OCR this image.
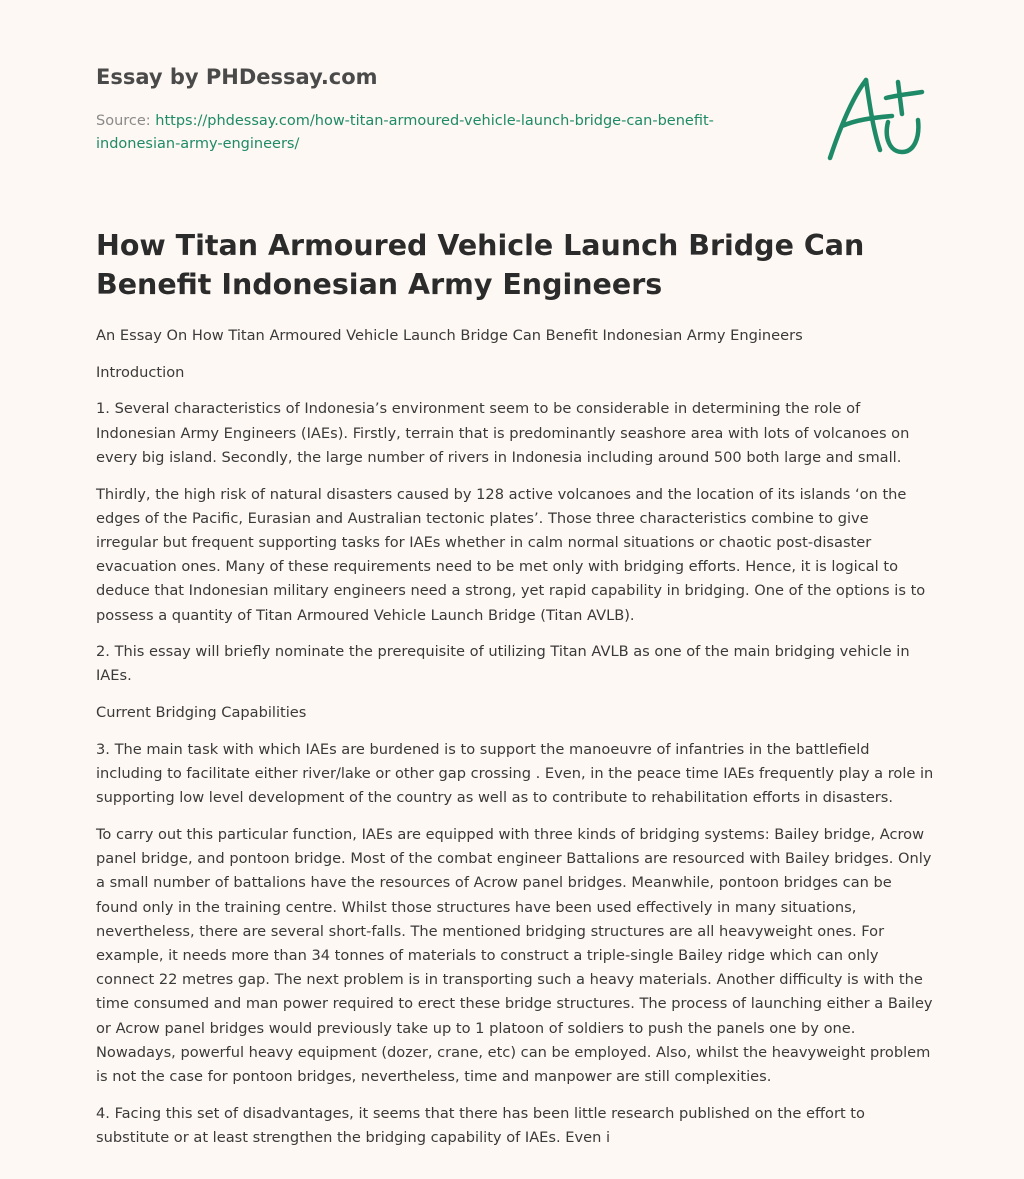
Essay by PHDessay.com
Source: https://phdessay.com/how-titan-armoured-vehicle-launch-bridge-can-benefit-indonesian-army-engineers/
How Titan Armoured Vehicle Launch Bridge Can Benefit Indonesian Army Engineers

An Essay On How Titan Armoured Vehicle Launch Bridge Can Benefit Indonesian Army Engineers

Introduction

1. Several characteristics of Indonesia’s environment seem to be considerable in determining the role of Indonesian Army Engineers (IAEs). Firstly, terrain that is predominantly seashore area with lots of volcanoes on every big island. Secondly, the large number of rivers in Indonesia including around 500 both large and small.

Thirdly, the high risk of natural disasters caused by 128 active volcanoes and the location of its islands ‘on the edges of the Pacific, Eurasian and Australian tectonic plates’. Those three characteristics combine to give irregular but frequent supporting tasks for IAEs whether in calm normal situations or chaotic post-disaster evacuation ones. Many of these requirements need to be met only with bridging efforts. Hence, it is logical to deduce that Indonesian military engineers need a strong, yet rapid capability in bridging. One of the options is to possess a quantity of Titan Armoured Vehicle Launch Bridge (Titan AVLB).

2. This essay will briefly nominate the prerequisite of utilizing Titan AVLB as one of the main bridging vehicle in IAEs.

Current Bridging Capabilities

3. The main task with which IAEs are burdened is to support the manoeuvre of infantries in the battlefield including to facilitate either river/lake or other gap crossing . Even, in the peace time IAEs frequently play a role in supporting low level development of the country as well as to contribute to rehabilitation efforts in disasters.

To carry out this particular function, IAEs are equipped with three kinds of bridging systems: Bailey bridge, Acrow panel bridge, and pontoon bridge. Most of the combat engineer Battalions are resourced with Bailey bridges. Only a small number of battalions have the resources of Acrow panel bridges. Meanwhile, pontoon bridges can be found only in the training centre. Whilst those structures have been used effectively in many situations, nevertheless, there are several short-falls. The mentioned bridging structures are all heavyweight ones. For example, it needs more than 34 tonnes of materials to construct a triple-single Bailey ridge which can only connect 22 metres gap. The next problem is in transporting such a heavy materials. Another difficulty is with the time consumed and man power required to erect these bridge structures. The process of launching either a Bailey or Acrow panel bridges would previously take up to 1 platoon of soldiers to push the panels one by one. Nowadays, powerful heavy equipment (dozer, crane, etc) can be employed. Also, whilst the heavyweight problem is not the case for pontoon bridges, nevertheless, time and manpower are still complexities.

4. Facing this set of disadvantages, it seems that there has been little research published on the effort to substitute or at least strengthen the bridging capability of IAEs. Even i
